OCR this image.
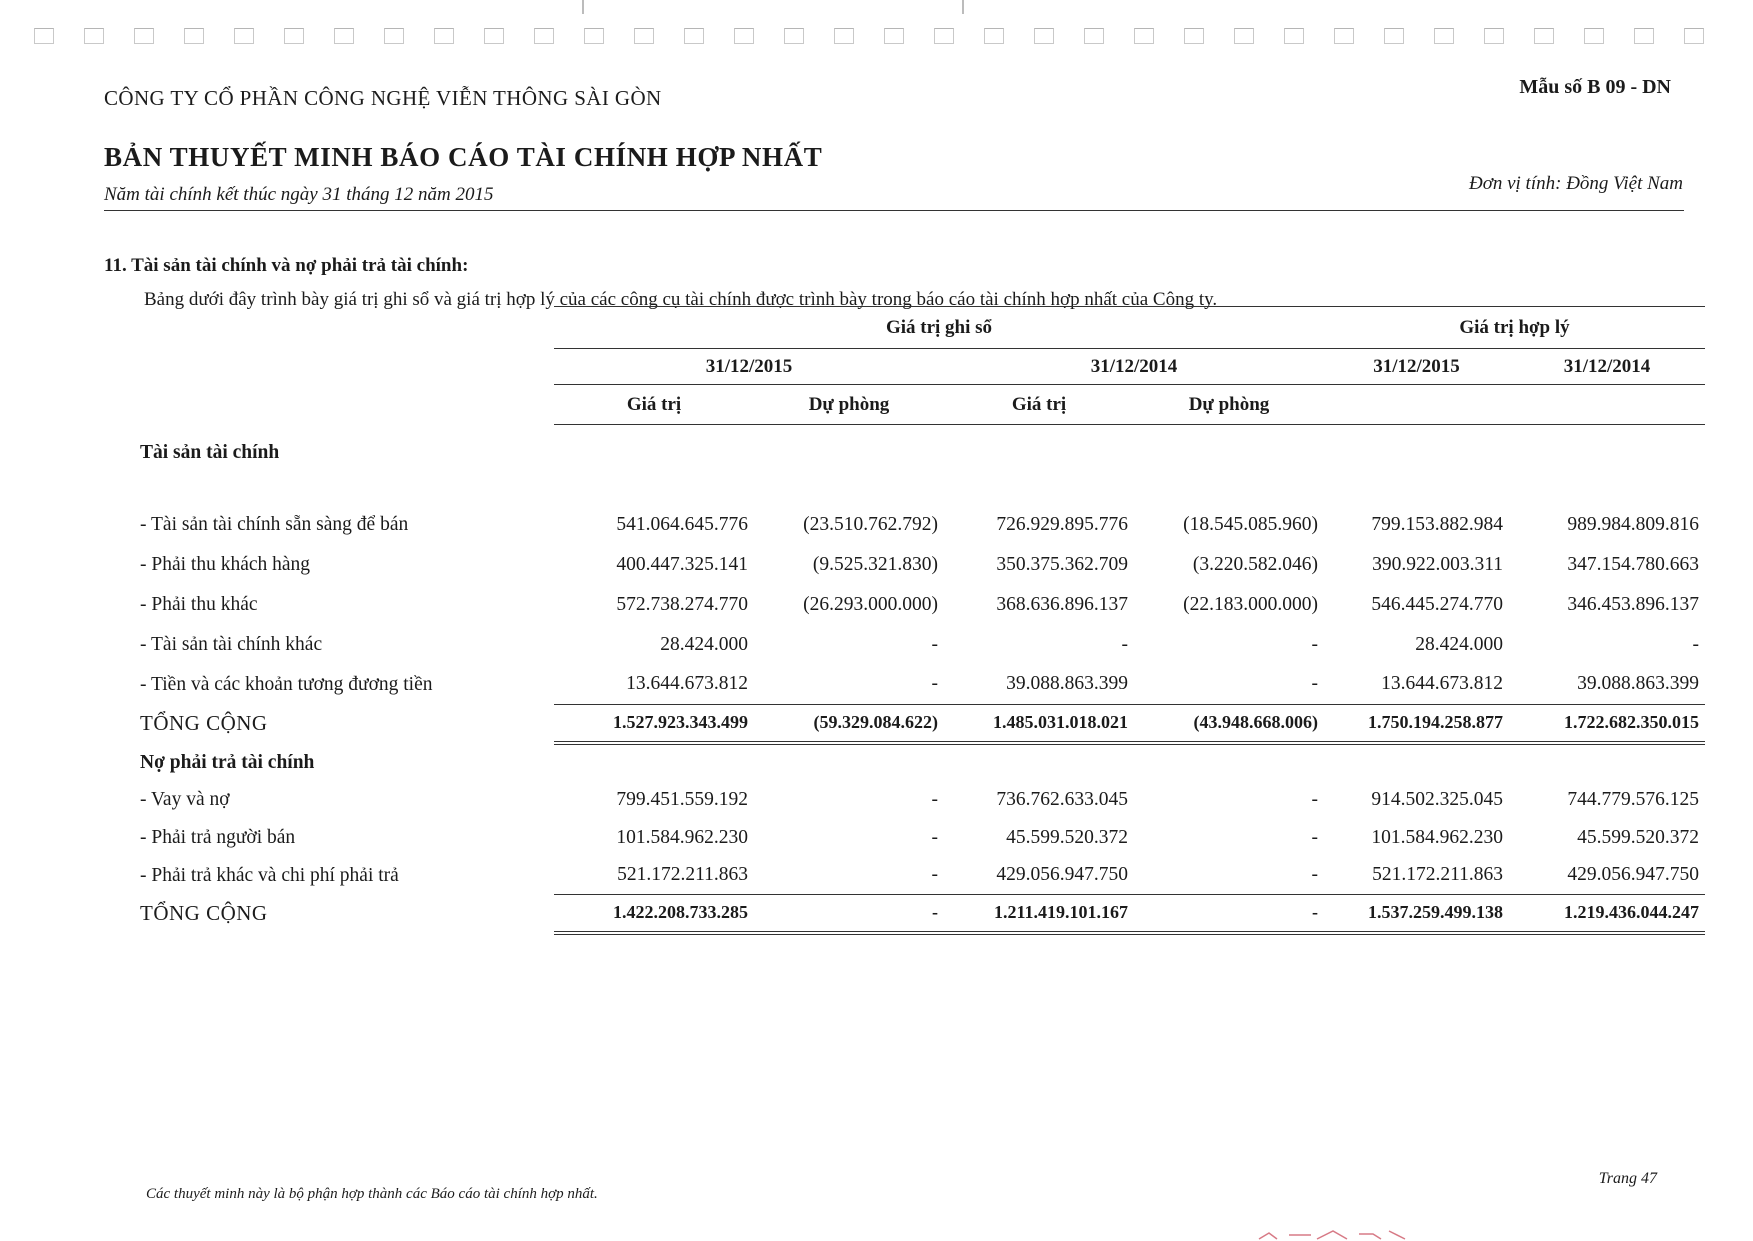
CÔNG TY CỔ PHẦN CÔNG NGHỆ VIỄN THÔNG SÀI GÒN	Mẫu số B 09 - DN
BẢN THUYẾT MINH BÁO CÁO TÀI CHÍNH HỢP NHẤT
Năm tài chính kết thúc ngày 31 tháng 12 năm 2015
Đơn vị tính: Đồng Việt Nam
11. Tài sản tài chính và nợ phải trả tài chính:
Bảng dưới đây trình bày giá trị ghi sổ và giá trị hợp lý của các công cụ tài chính được trình bày trong báo cáo tài chính hợp nhất của Công ty.
	Giá trị ghi sổ				Giá trị hợp lý	
	31/12/2015		31/12/2014		31/12/2015	31/12/2014
	Giá trị	Dự phòng	Giá trị	Dự phòng		
Tài sản tài chính						

- Tài sản tài chính sẵn sàng để bán	541.064.645.776	(23.510.762.792)	726.929.895.776	(18.545.085.960)	799.153.882.984	989.984.809.816
- Phải thu khách hàng	400.447.325.141	(9.525.321.830)	350.375.362.709	(3.220.582.046)	390.922.003.311	347.154.780.663
- Phải thu khác	572.738.274.770	(26.293.000.000)	368.636.896.137	(22.183.000.000)	546.445.274.770	346.453.896.137
- Tài sản tài chính khác	28.424.000	-	-	-	28.424.000	-
- Tiền và các khoản tương đương tiền	13.644.673.812	-	39.088.863.399	-	13.644.673.812	39.088.863.399
TỔNG CỘNG	1.527.923.343.499	(59.329.084.622)	1.485.031.018.021	(43.948.668.006)	1.750.194.258.877	1.722.682.350.015
Nợ phải trả tài chính						
- Vay và nợ	799.451.559.192	-	736.762.633.045	-	914.502.325.045	744.779.576.125
- Phải trả người bán	101.584.962.230	-	45.599.520.372	-	101.584.962.230	45.599.520.372
- Phải trả khác và chi phí phải trả	521.172.211.863	-	429.056.947.750	-	521.172.211.863	429.056.947.750
TỔNG CỘNG	1.422.208.733.285	-	1.211.419.101.167	-	1.537.259.499.138	1.219.436.044.247
Các thuyết minh này là bộ phận hợp thành các Báo cáo tài chính hợp nhất.
Trang 47
